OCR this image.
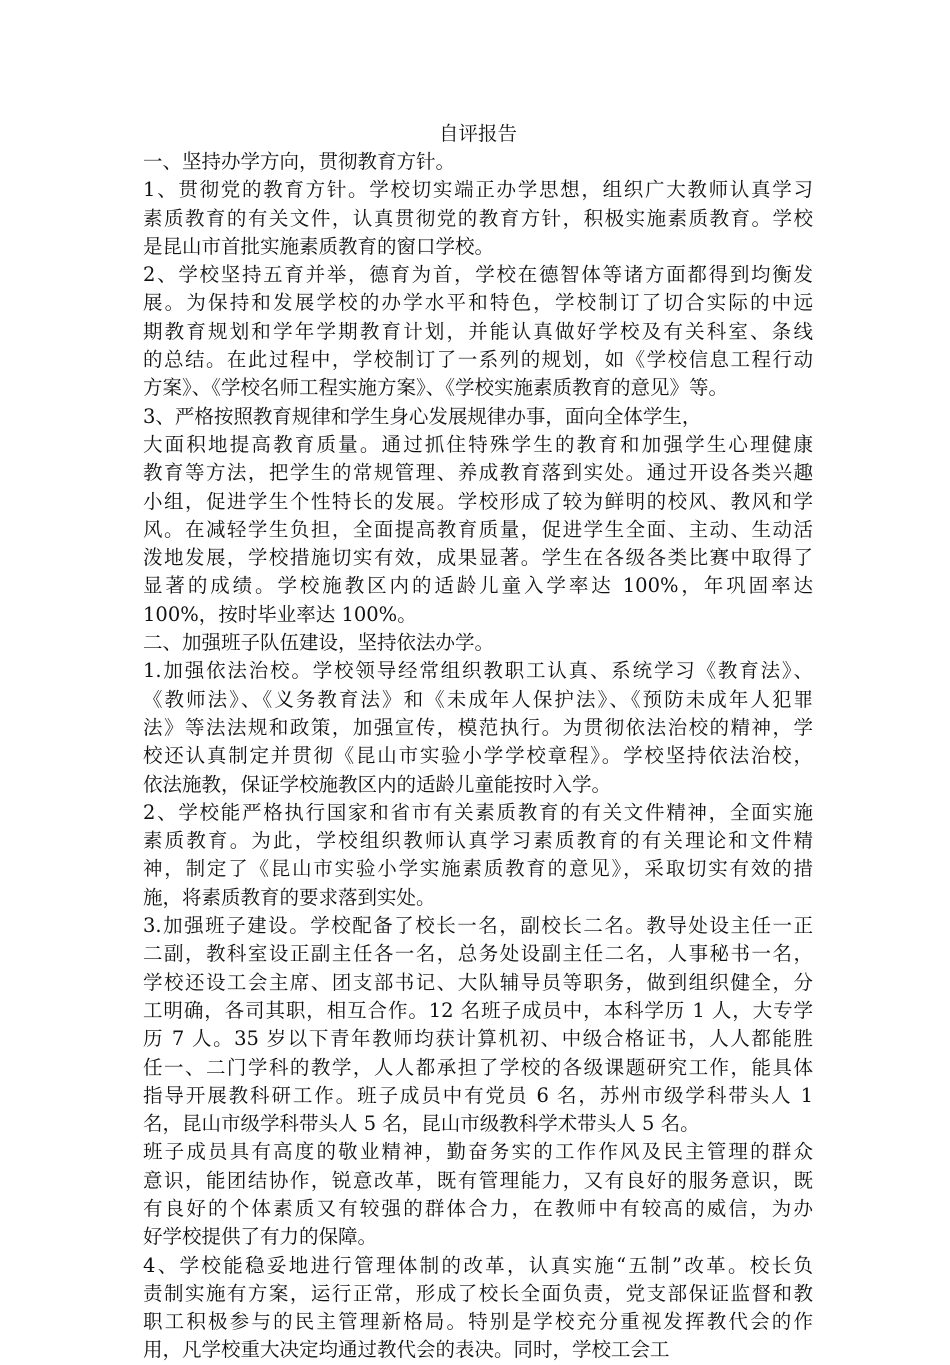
自评报告
一、坚持办学方向，贯彻教育方针。
1、贯彻党的教育方针。学校切实端正办学思想，组织广大教师认真学习
素质教育的有关文件，认真贯彻党的教育方针，积极实施素质教育。学校
是昆山市首批实施素质教育的窗口学校。
2、学校坚持五育并举，德育为首，学校在德智体等诸方面都得到均衡发
展。为保持和发展学校的办学水平和特色，学校制订了切合实际的中远
期教育规划和学年学期教育计划，并能认真做好学校及有关科室、条线
的总结。在此过程中，学校制订了一系列的规划，如《学校信息工程行动
方案》、《学校名师工程实施方案》、《学校实施素质教育的意见》等。
3、严格按照教育规律和学生身心发展规律办事，面向全体学生，
大面积地提高教育质量。通过抓住特殊学生的教育和加强学生心理健康
教育等方法，把学生的常规管理、养成教育落到实处。通过开设各类兴趣
小组，促进学生个性特长的发展。学校形成了较为鲜明的校风、教风和学
风。在减轻学生负担，全面提高教育质量，促进学生全面、主动、生动活
泼地发展，学校措施切实有效，成果显著。学生在各级各类比赛中取得了
显著的成绩。学校施教区内的适龄儿童入学率达 100%，年巩固率达
100%，按时毕业率达 100%。
二、加强班子队伍建设，坚持依法办学。
1.加强依法治校。学校领导经常组织教职工认真、系统学习《教育法》、
《教师法》、《义务教育法》和《未成年人保护法》、《预防未成年人犯罪
法》等法法规和政策，加强宣传，模范执行。为贯彻依法治校的精神，学
校还认真制定并贯彻《昆山市实验小学学校章程》。学校坚持依法治校，
依法施教，保证学校施教区内的适龄儿童能按时入学。
2、学校能严格执行国家和省市有关素质教育的有关文件精神，全面实施
素质教育。为此，学校组织教师认真学习素质教育的有关理论和文件精
神，制定了《昆山市实验小学实施素质教育的意见》，采取切实有效的措
施，将素质教育的要求落到实处。
3.加强班子建设。学校配备了校长一名，副校长二名。教导处设主任一正
二副，教科室设正副主任各一名，总务处设副主任二名，人事秘书一名，
学校还设工会主席、团支部书记、大队辅导员等职务，做到组织健全，分
工明确，各司其职，相互合作。12 名班子成员中，本科学历 1 人，大专学
历 7 人。35 岁以下青年教师均获计算机初、中级合格证书，人人都能胜
任一、二门学科的教学，人人都承担了学校的各级课题研究工作，能具体
指导开展教科研工作。班子成员中有党员 6 名，苏州市级学科带头人 1
名，昆山市级学科带头人 5 名，昆山市级教科学术带头人 5 名。
班子成员具有高度的敬业精神，勤奋务实的工作作风及民主管理的群众
意识，能团结协作，锐意改革，既有管理能力，又有良好的服务意识，既
有良好的个体素质又有较强的群体合力，在教师中有较高的威信，为办
好学校提供了有力的保障。
4、学校能稳妥地进行管理体制的改革，认真实施“五制”改革。校长负
责制实施有方案，运行正常，形成了校长全面负责，党支部保证监督和教
职工积极参与的民主管理新格局。特别是学校充分重视发挥教代会的作
用，凡学校重大决定均通过教代会的表决。同时，学校工会工
